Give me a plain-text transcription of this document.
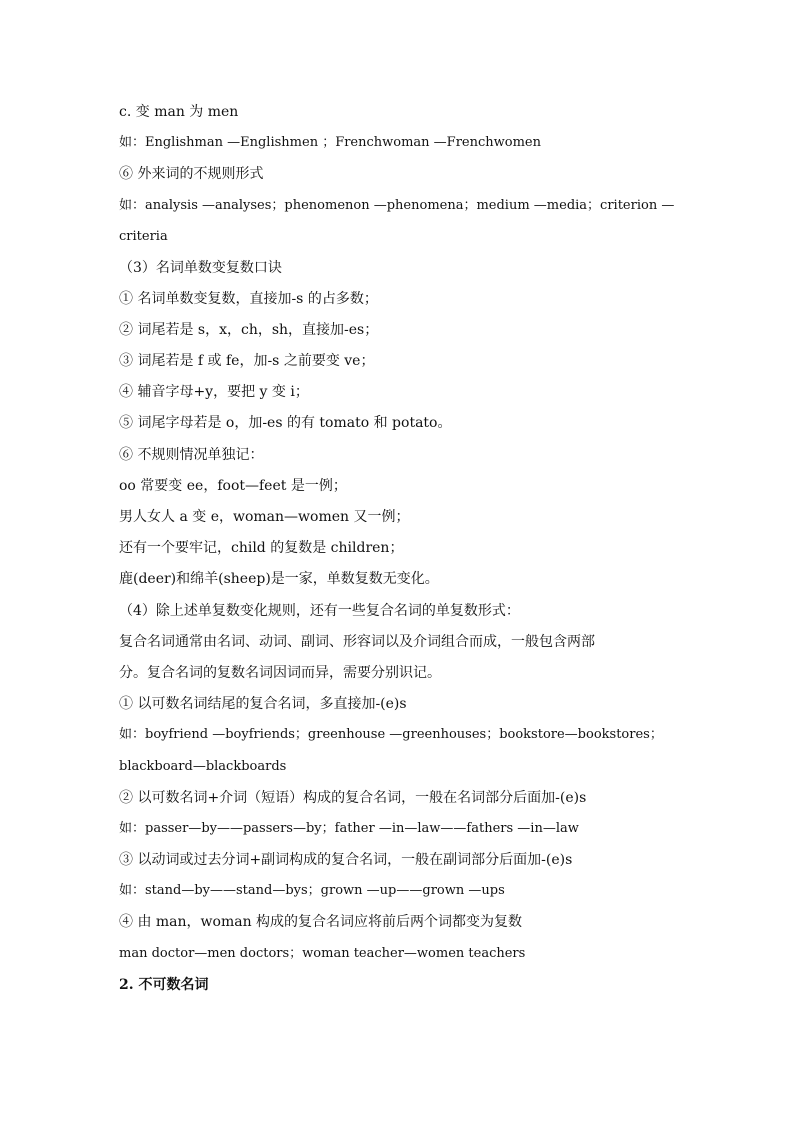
c. 变 man 为 men
如：Englishman —Englishmen ；Frenchwoman —Frenchwomen
⑥ 外来词的不规则形式
如：analysis —analyses；phenomenon —phenomena；medium —media；criterion —
criteria
（3）名词单数变复数口诀
① 名词单数变复数，直接加-s 的占多数；
② 词尾若是 s，x，ch，sh，直接加-es；
③ 词尾若是 f 或 fe，加-s 之前要变 ve；
④ 辅音字母+y，要把 y 变 i；
⑤ 词尾字母若是 o，加-es 的有 tomato 和 potato。
⑥ 不规则情况单独记：
oo 常要变 ee，foot—feet 是一例；
男人女人 a 变 e，woman—women 又一例；
还有一个要牢记，child 的复数是 children；
鹿(deer)和绵羊(sheep)是一家，单数复数无变化。
（4）除上述单复数变化规则，还有一些复合名词的单复数形式：
复合名词通常由名词、动词、副词、形容词以及介词组合而成，一般包含两部
分。复合名词的复数名词因词而异，需要分别识记。
① 以可数名词结尾的复合名词，多直接加-(e)s
如：boyfriend —boyfriends；greenhouse —greenhouses；bookstore—bookstores；
blackboard—blackboards
② 以可数名词+介词（短语）构成的复合名词，一般在名词部分后面加-(e)s
如：passer—by——passers—by；father —in—law——fathers —in—law
③ 以动词或过去分词+副词构成的复合名词，一般在副词部分后面加-(e)s
如：stand—by——stand—bys；grown —up——grown —ups
④ 由 man，woman 构成的复合名词应将前后两个词都变为复数
man doctor—men doctors；woman teacher—women teachers
2. 不可数名词
